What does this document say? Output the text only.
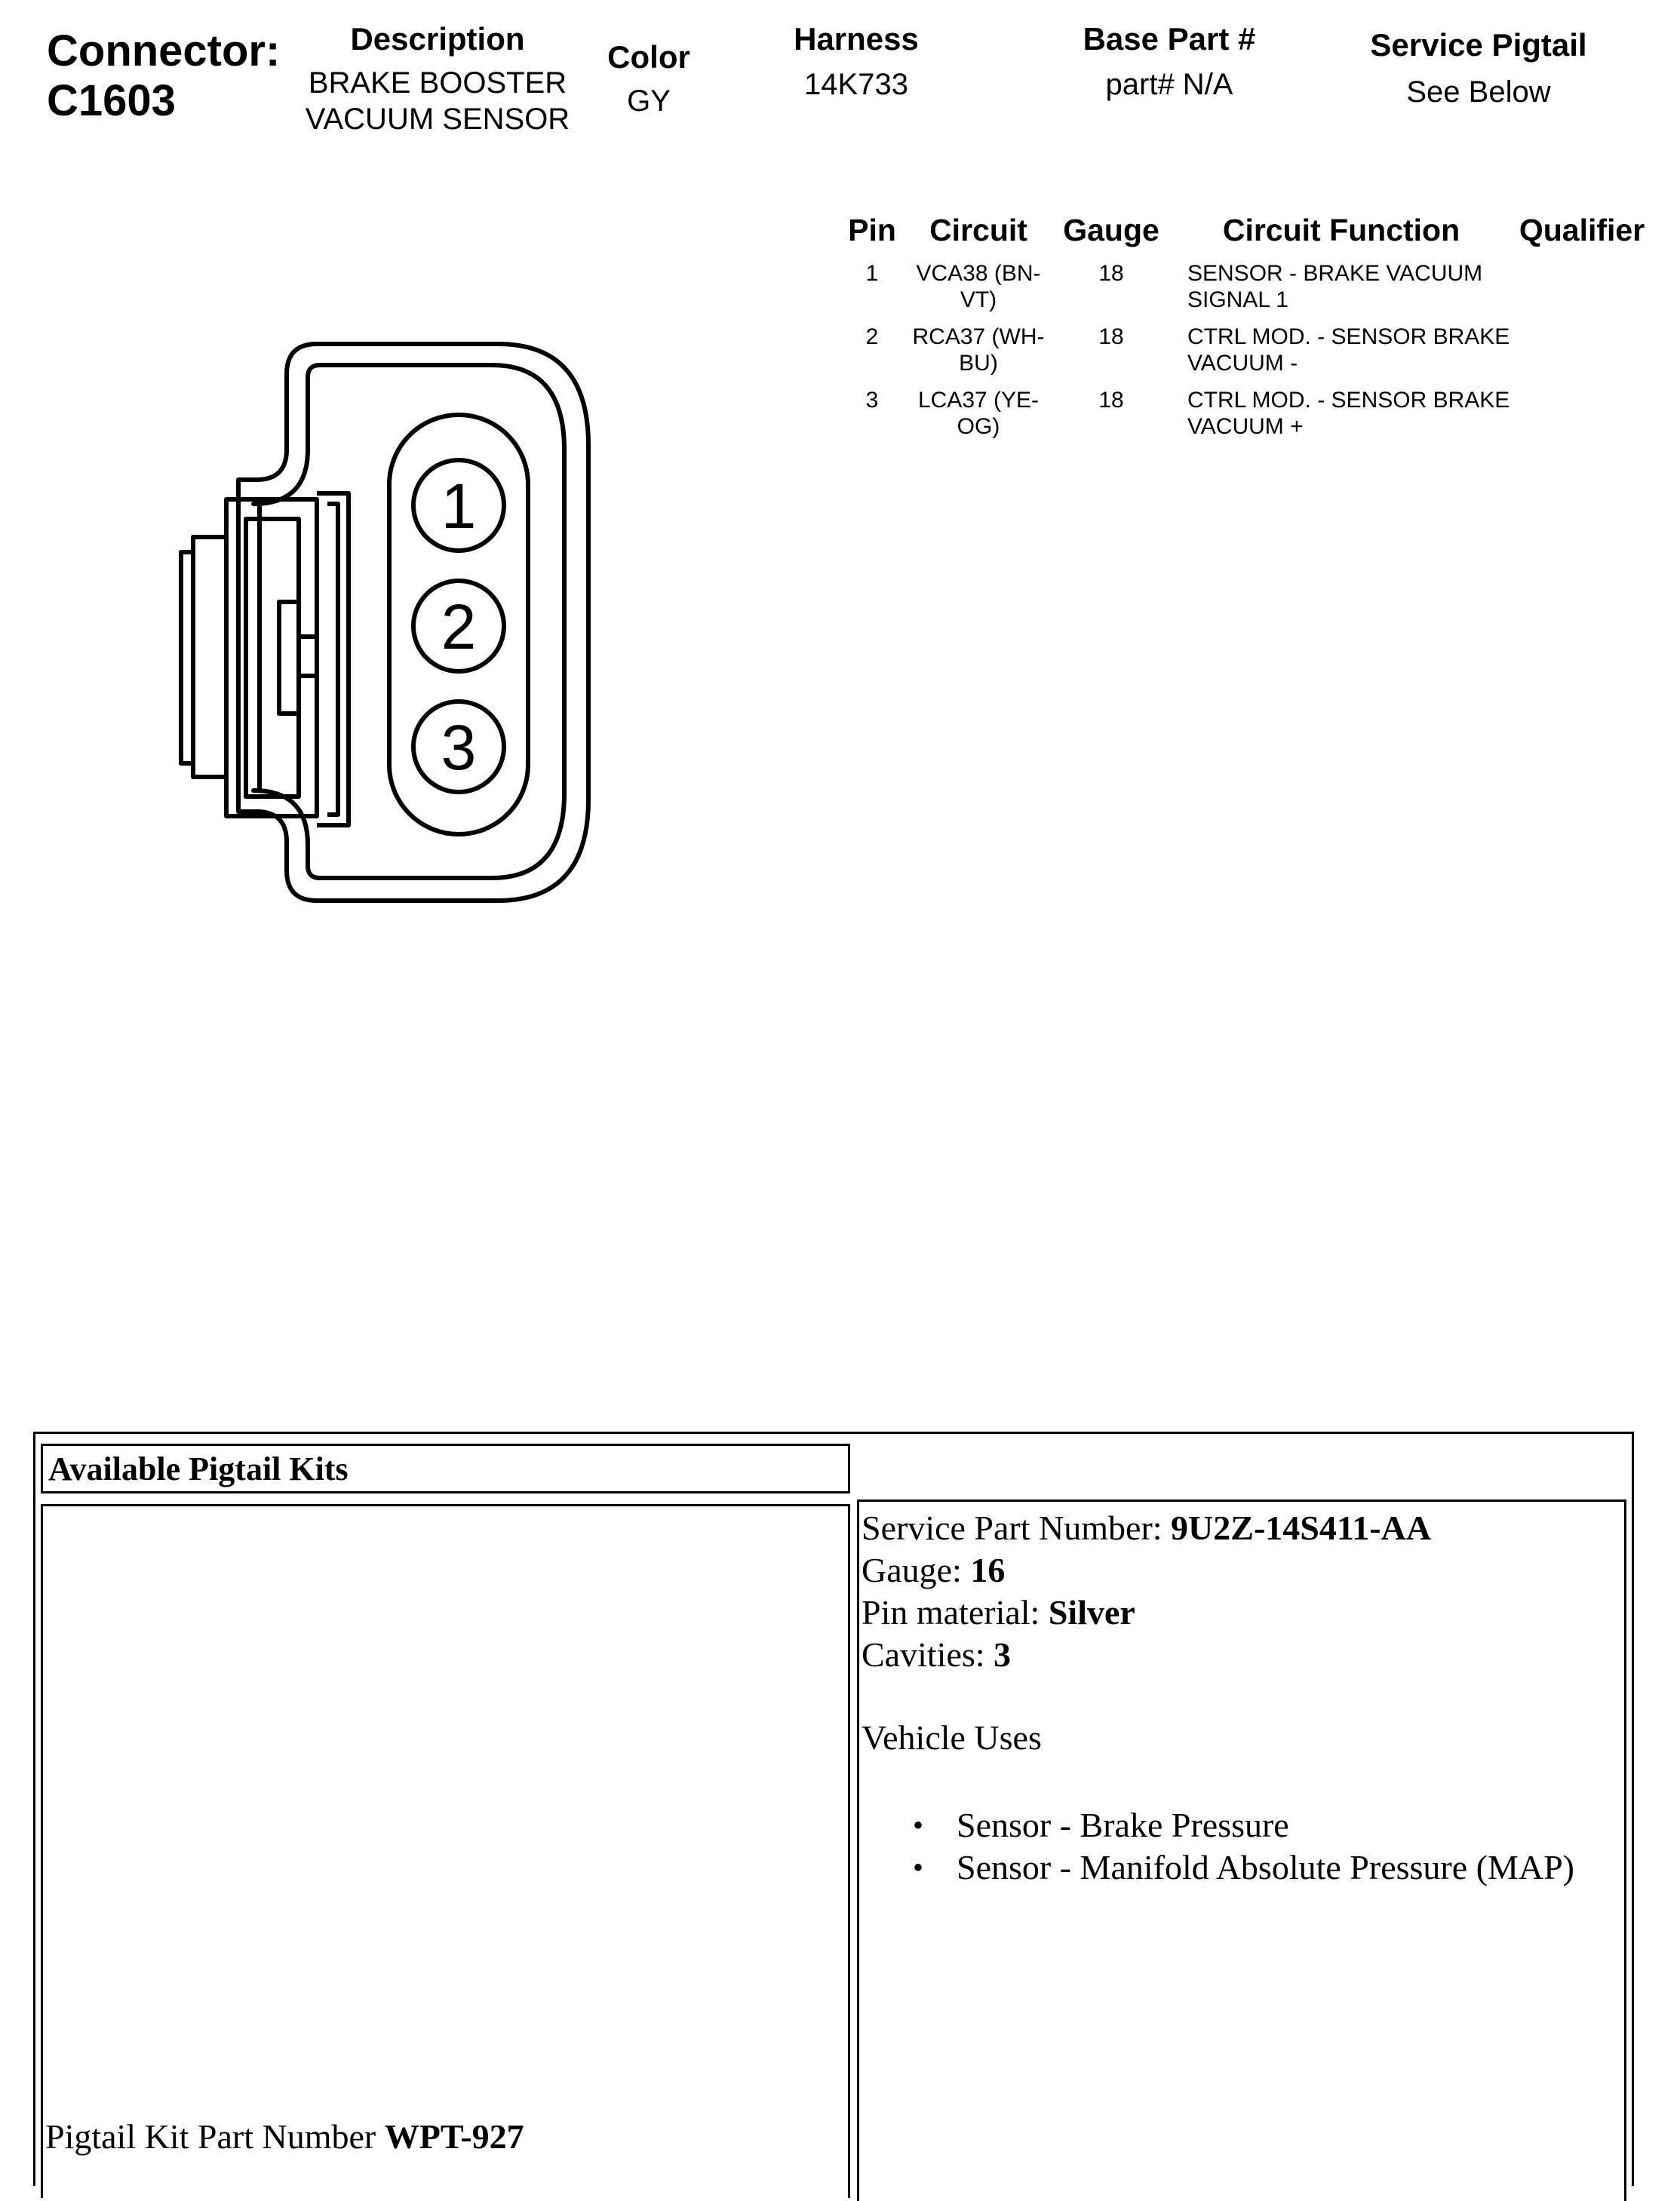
Connector:
C1603
Description
BRAKE BOOSTER VACUUM SENSOR
Color
GY
Harness
14K733
Base Part #
part# N/A
Service Pigtail
See Below
Pin	Circuit	Gauge	Circuit Function	Qualifier
1	VCA38 (BN-VT)	18	SENSOR - BRAKE VACUUM SIGNAL 1	
2	RCA37 (WH-BU)	18	CTRL MOD. - SENSOR BRAKE VACUUM -	
3	LCA37 (YE-OG)	18	CTRL MOD. - SENSOR BRAKE VACUUM +	
1
2
3
Available Pigtail Kits
Pigtail Kit Part Number WPT-927
Service Part Number: 9U2Z-14S411-AA
Gauge: 16
Pin material: Silver
Cavities: 3
Vehicle Uses
• Sensor - Brake Pressure
• Sensor - Manifold Absolute Pressure (MAP)
